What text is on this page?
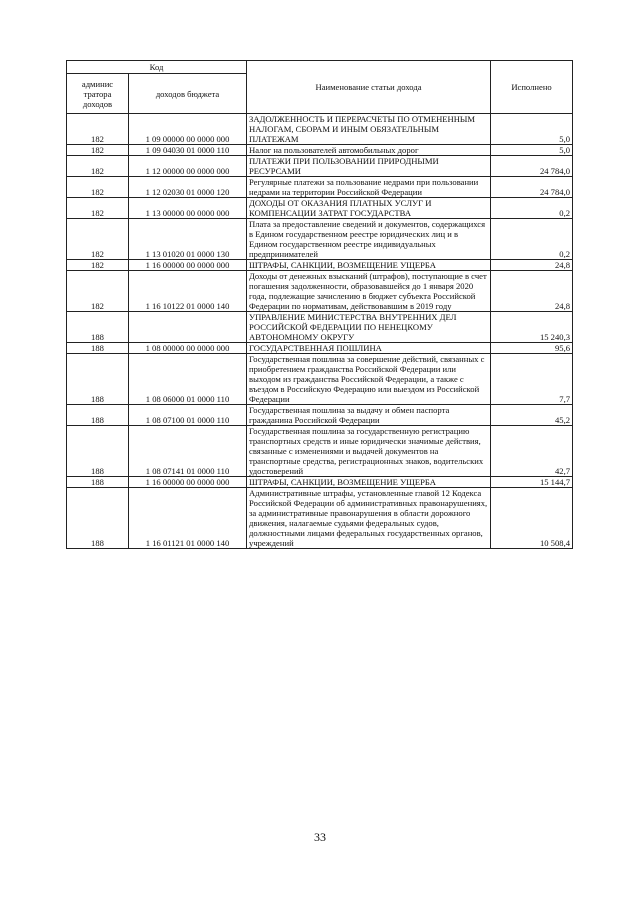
Код		Наименование статьи дохода	Исполнено
админис тратора доходов	доходов бюджета		
182	1 09 00000 00 0000 000	ЗАДОЛЖЕННОСТЬ И ПЕРЕРАСЧЕТЫ ПО ОТМЕНЕННЫМ НАЛОГАМ, СБОРАМ И ИНЫМ ОБЯЗАТЕЛЬНЫМ ПЛАТЕЖАМ	5,0
182	1 09 04030 01 0000 110	Налог на пользователей автомобильных дорог	5,0
182	1 12 00000 00 0000 000	ПЛАТЕЖИ ПРИ ПОЛЬЗОВАНИИ ПРИРОДНЫМИ РЕСУРСАМИ	24 784,0
182	1 12 02030 01 0000 120	Регулярные платежи за пользование недрами при пользовании недрами на территории Российской Федерации	24 784,0
182	1 13 00000 00 0000 000	ДОХОДЫ ОТ ОКАЗАНИЯ ПЛАТНЫХ УСЛУГ И КОМПЕНСАЦИИ ЗАТРАТ ГОСУДАРСТВА	0,2
182	1 13 01020 01 0000 130	Плата за предоставление сведений и документов, содержащихся в Едином государственном реестре юридических лиц и в Едином государственном реестре индивидуальных предпринимателей	0,2
182	1 16 00000 00 0000 000	ШТРАФЫ, САНКЦИИ, ВОЗМЕЩЕНИЕ УЩЕРБА	24,8
182	1 16 10122 01 0000 140	Доходы от денежных взысканий (штрафов), поступающие в счет погашения задолженности, образовавшейся до 1 января 2020 года, подлежащие зачислению в бюджет субъекта Российской Федерации по нормативам, действовавшим в 2019 году	24,8
188		УПРАВЛЕНИЕ МИНИСТЕРСТВА ВНУТРЕННИХ ДЕЛ РОССИЙСКОЙ ФЕДЕРАЦИИ ПО НЕНЕЦКОМУ АВТОНОМНОМУ ОКРУГУ	15 240,3
188	1 08 00000 00 0000 000	ГОСУДАРСТВЕННАЯ ПОШЛИНА	95,6
188	1 08 06000 01 0000 110	Государственная пошлина за совершение действий, связанных с приобретением гражданства Российской Федерации или выходом из гражданства Российской Федерации, а также с въездом в Российскую Федерацию или выездом из Российской Федерации	7,7
188	1 08 07100 01 0000 110	Государственная пошлина за выдачу и обмен паспорта гражданина Российской Федерации	45,2
188	1 08 07141 01 0000 110	Государственная пошлина за государственную регистрацию транспортных средств и иные юридически значимые действия, связанные с изменениями и выдачей документов на транспортные средства, регистрационных знаков, водительских удостоверений	42,7
188	1 16 00000 00 0000 000	ШТРАФЫ, САНКЦИИ, ВОЗМЕЩЕНИЕ УЩЕРБА	15 144,7
188	1 16 01121 01 0000 140	Административные штрафы, установленные главой 12 Кодекса Российской Федерации об административных правонарушениях, за административные правонарушения в области дорожного движения, налагаемые судьями федеральных судов, должностными лицами федеральных государственных органов, учреждений	10 508,4
33
